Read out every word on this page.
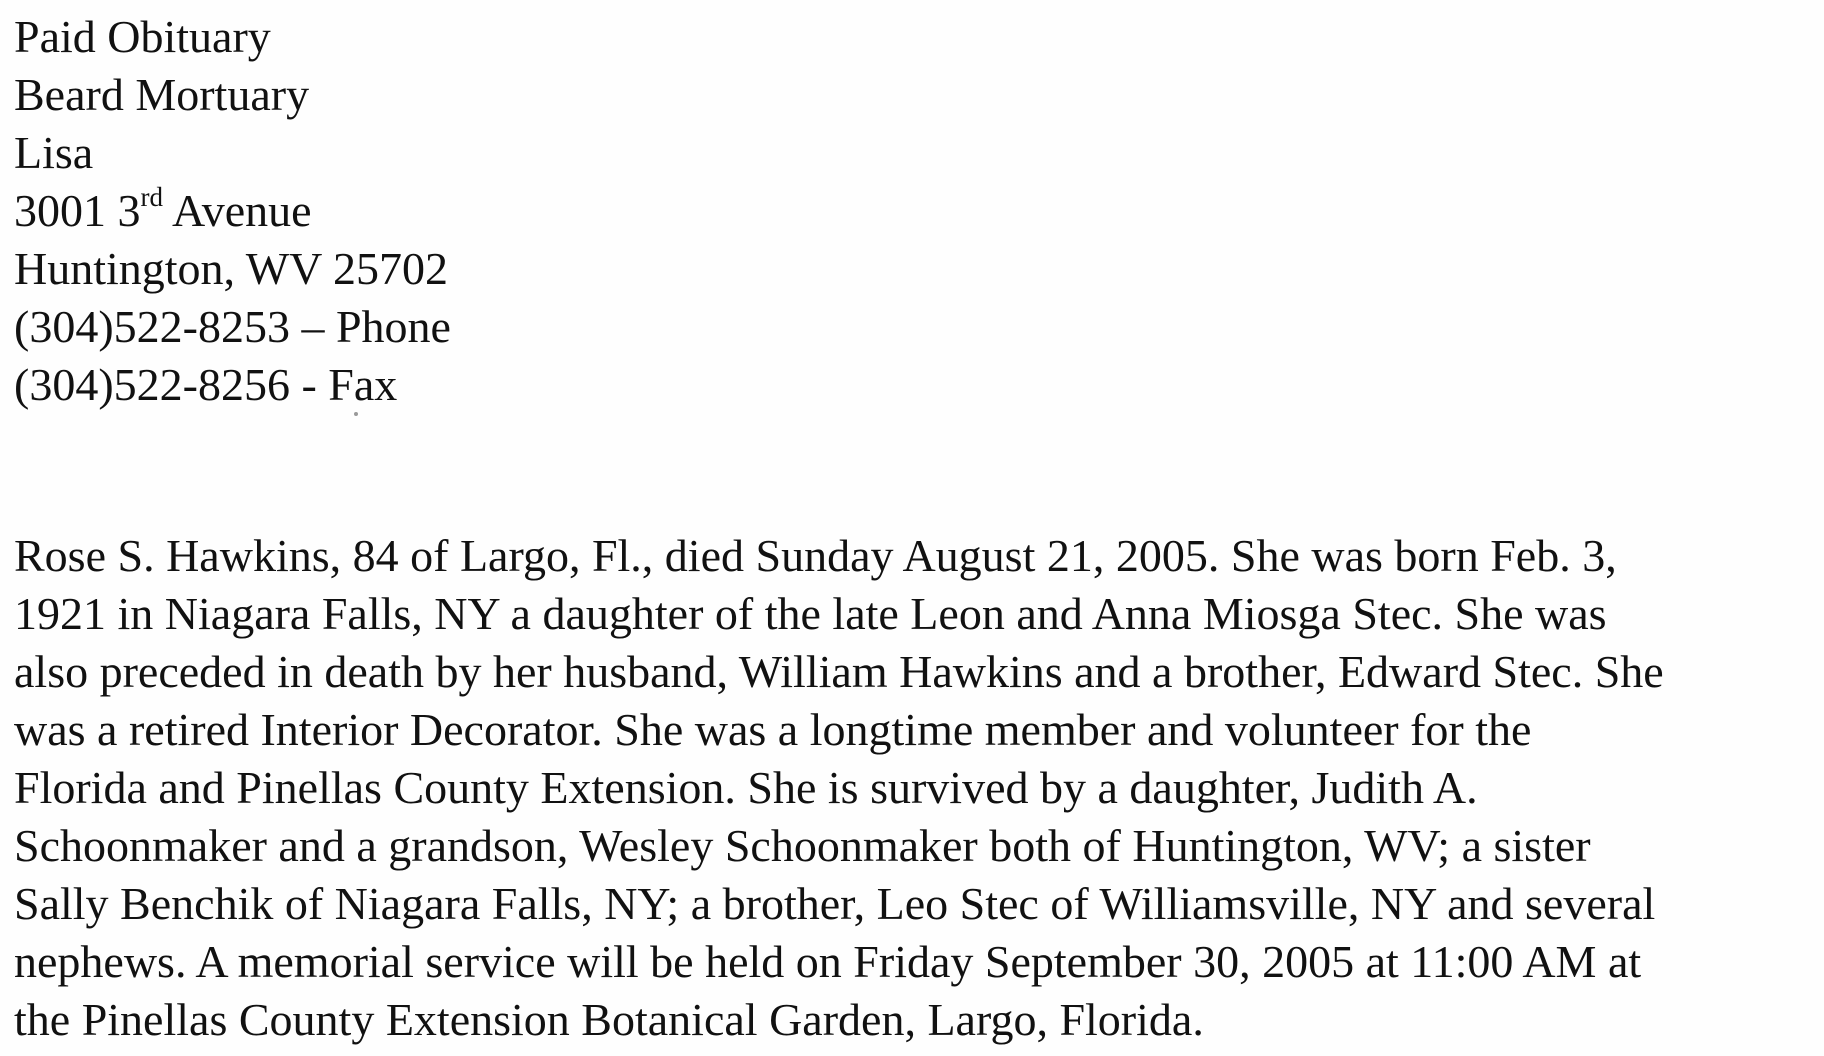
Paid Obituary
Beard Mortuary
Lisa
3001 3rd Avenue
Huntington, WV 25702
(304)522-8253 – Phone
(304)522-8256 - Fax
Rose S. Hawkins, 84 of Largo, Fl., died Sunday August 21, 2005. She was born Feb. 3,
1921 in Niagara Falls, NY a daughter of the late Leon and Anna Miosga Stec. She was
also preceded in death by her husband, William Hawkins and a brother, Edward Stec. She
was a retired Interior Decorator. She was a longtime member and volunteer for the
Florida and Pinellas County Extension. She is survived by a daughter, Judith A.
Schoonmaker and a grandson, Wesley Schoonmaker both of Huntington, WV; a sister
Sally Benchik of Niagara Falls, NY; a brother, Leo Stec of Williamsville, NY and several
nephews. A memorial service will be held on Friday September 30, 2005 at 11:00 AM at
the Pinellas County Extension Botanical Garden, Largo, Florida.
